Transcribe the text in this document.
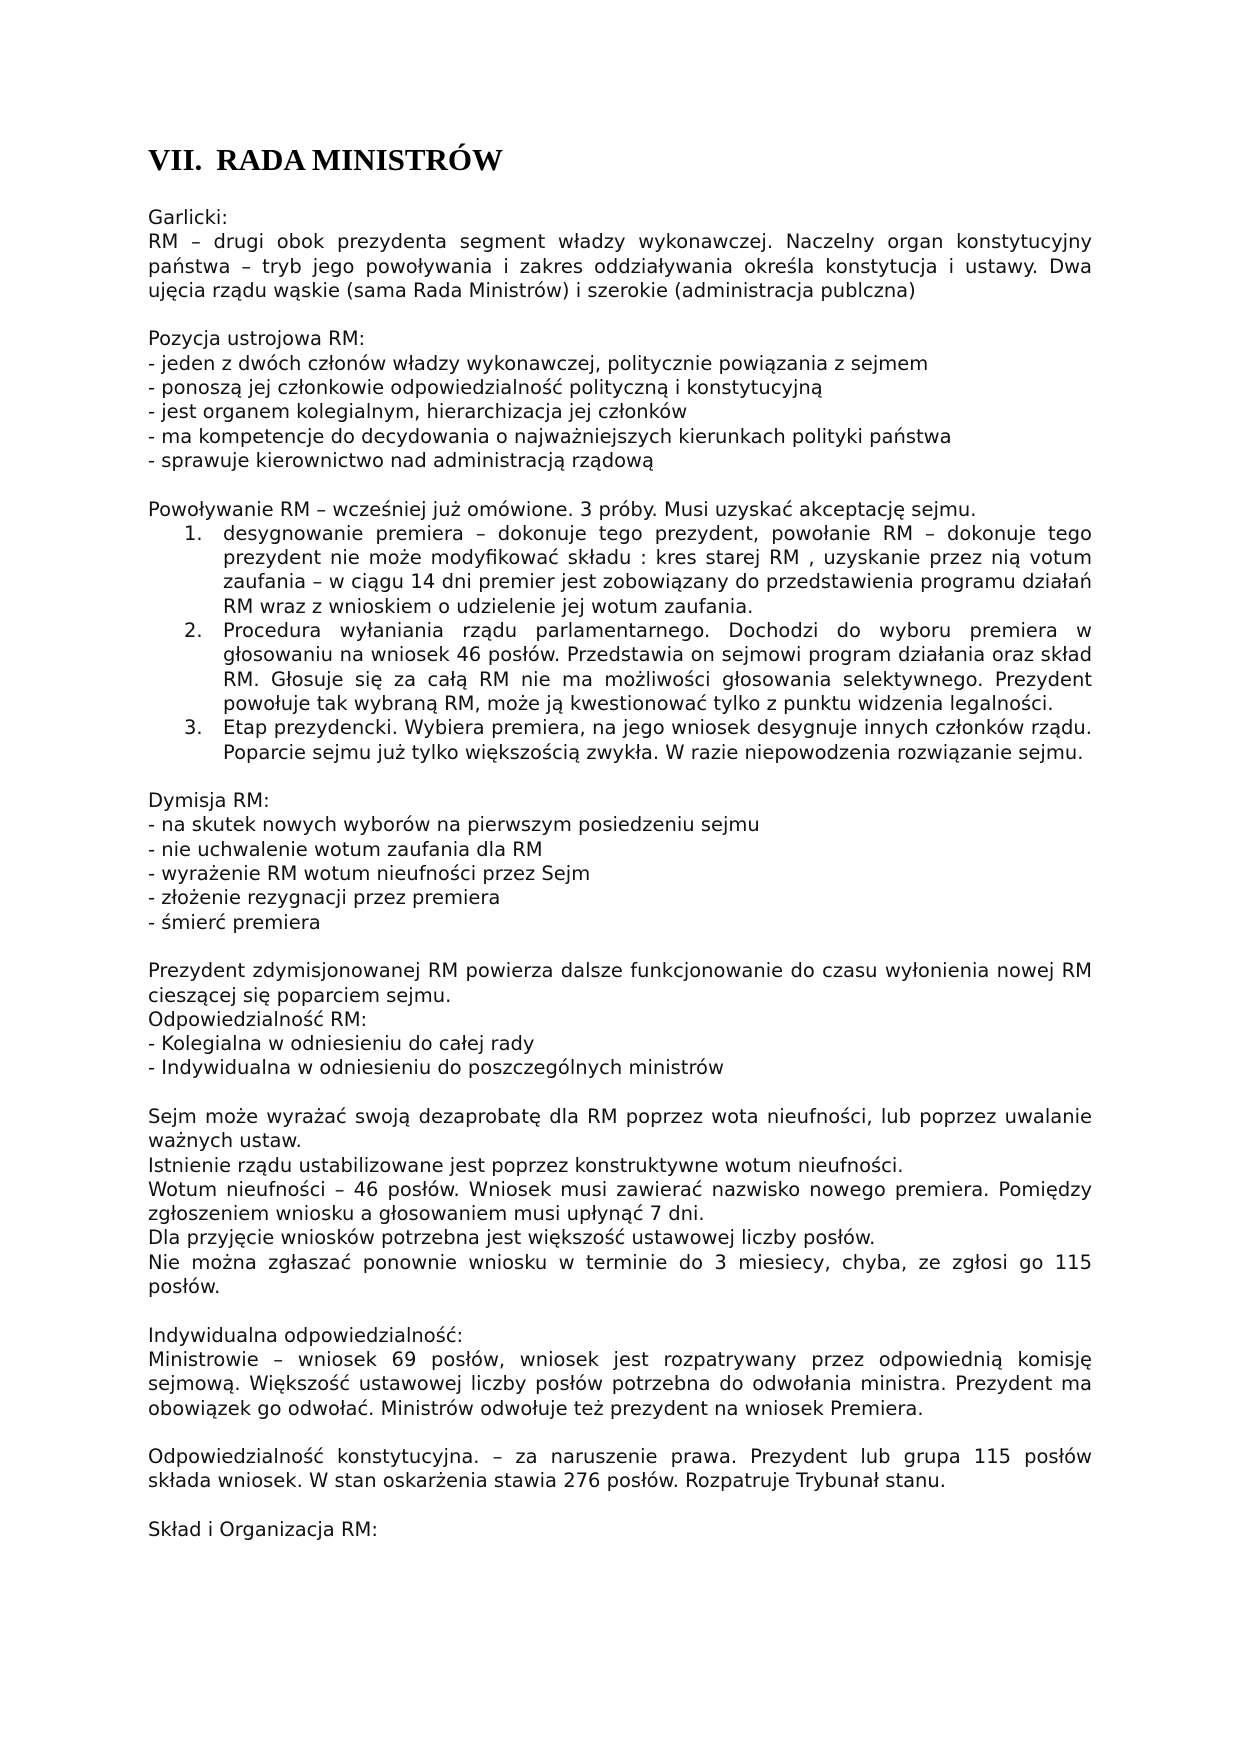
VII. RADA MINISTRÓW

Garlicki:

RM – drugi obok prezydenta segment władzy wykonawczej. Naczelny organ konstytucyjny państwa – tryb jego powoływania i zakres oddziaływania określa konstytucja i ustawy. Dwa ujęcia rządu wąskie (sama Rada Ministrów) i szerokie (administracja publczna)

Pozycja ustrojowa RM:

- jeden z dwóch członów władzy wykonawczej, politycznie powiązania z sejmem
- ponoszą jej członkowie odpowiedzialność polityczną i konstytucyjną
- jest organem kolegialnym, hierarchizacja jej członków
- ma kompetencje do decydowania o najważniejszych kierunkach polityki państwa
- sprawuje kierownictwo nad administracją rządową

Powoływanie RM – wcześniej już omówione. 3 próby. Musi uzyskać akceptację sejmu.

1. desygnowanie premiera – dokonuje tego prezydent, powołanie RM – dokonuje tego prezydent nie może modyfikować składu : kres starej RM , uzyskanie przez nią votum zaufania – w ciągu 14 dni premier jest zobowiązany do przedstawienia programu działań RM wraz z wnioskiem o udzielenie jej wotum zaufania.
2. Procedura wyłaniania rządu parlamentarnego. Dochodzi do wyboru premiera w głosowaniu na wniosek 46 posłów. Przedstawia on sejmowi program działania oraz skład RM. Głosuje się za całą RM nie ma możliwości głosowania selektywnego. Prezydent powołuje tak wybraną RM, może ją kwestionować tylko z punktu widzenia legalności.
3. Etap prezydencki. Wybiera premiera, na jego wniosek desygnuje innych członków rządu. Poparcie sejmu już tylko większością zwykła. W razie niepowodzenia rozwiązanie sejmu.

Dymisja RM:

- na skutek nowych wyborów na pierwszym posiedzeniu sejmu
- nie uchwalenie wotum zaufania dla RM
- wyrażenie RM wotum nieufności przez Sejm
- złożenie rezygnacji przez premiera
- śmierć premiera

Prezydent zdymisjonowanej RM powierza dalsze funkcjonowanie do czasu wyłonienia nowej RM cieszącej się poparciem sejmu.

Odpowiedzialność RM:

- Kolegialna w odniesieniu do całej rady
- Indywidualna w odniesieniu do poszczególnych ministrów

Sejm może wyrażać swoją dezaprobatę dla RM poprzez wota nieufności, lub poprzez uwalanie ważnych ustaw.

Istnienie rządu ustabilizowane jest poprzez konstruktywne wotum nieufności.

Wotum nieufności – 46 posłów. Wniosek musi zawierać nazwisko nowego premiera. Pomiędzy zgłoszeniem wniosku a głosowaniem musi upłynąć 7 dni.

Dla przyjęcie wniosków potrzebna jest większość ustawowej liczby posłów.

Nie można zgłaszać ponownie wniosku w terminie do 3 miesiecy, chyba, ze zgłosi go 115 posłów.

Indywidualna odpowiedzialność:

Ministrowie – wniosek 69 posłów, wniosek jest rozpatrywany przez odpowiednią komisję sejmową. Większość ustawowej liczby posłów potrzebna do odwołania ministra. Prezydent ma obowiązek go odwołać. Ministrów odwołuje też prezydent na wniosek Premiera.

Odpowiedzialność konstytucyjna. – za naruszenie prawa. Prezydent lub grupa 115 posłów składa wniosek. W stan oskarżenia stawia 276 posłów. Rozpatruje Trybunał stanu.

Skład i Organizacja RM:
